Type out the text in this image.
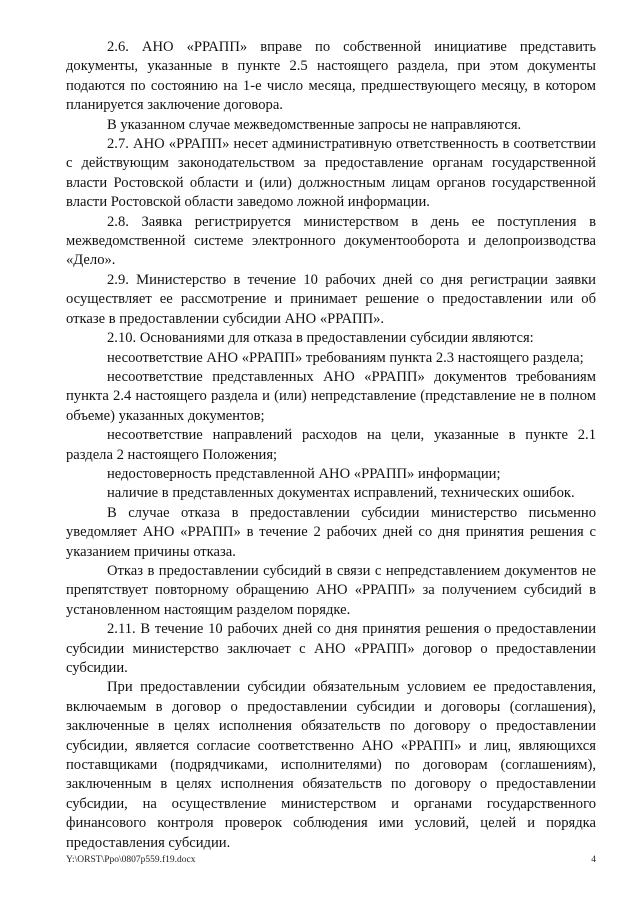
2.6. АНО «РРАПП» вправе по собственной инициативе представить документы, указанные в пункте 2.5 настоящего раздела, при этом документы подаются по состоянию на 1-е число месяца, предшествующего месяцу, в котором планируется заключение договора.

В указанном случае межведомственные запросы не направляются.

2.7. АНО «РРАПП» несет административную ответственность в соответствии с действующим законодательством за предоставление органам государственной власти Ростовской области и (или) должностным лицам органов государственной власти Ростовской области заведомо ложной информации.

2.8. Заявка регистрируется министерством в день ее поступления в межведомственной системе электронного документооборота и делопроизводства «Дело».

2.9. Министерство в течение 10 рабочих дней со дня регистрации заявки осуществляет ее рассмотрение и принимает решение о предоставлении или об отказе в предоставлении субсидии АНО «РРАПП».

2.10. Основаниями для отказа в предоставлении субсидии являются:

несоответствие АНО «РРАПП» требованиям пункта 2.3 настоящего раздела;

несоответствие представленных АНО «РРАПП» документов требованиям пункта 2.4 настоящего раздела и (или) непредставление (представление не в полном объеме) указанных документов;

несоответствие направлений расходов на цели, указанные в пункте 2.1 раздела 2 настоящего Положения;

недостоверность представленной АНО «РРАПП» информации;

наличие в представленных документах исправлений, технических ошибок.

В случае отказа в предоставлении субсидии министерство письменно уведомляет АНО «РРАПП» в течение 2 рабочих дней со дня принятия решения с указанием причины отказа.

Отказ в предоставлении субсидий в связи с непредставлением документов не препятствует повторному обращению АНО «РРАПП» за получением субсидий в установленном настоящим разделом порядке.

2.11. В течение 10 рабочих дней со дня принятия решения о предоставлении субсидии министерство заключает с АНО «РРАПП» договор о предоставлении субсидии.

При предоставлении субсидии обязательным условием ее предоставления, включаемым в договор о предоставлении субсидии и договоры (соглашения), заключенные в целях исполнения обязательств по договору о предоставлении субсидии, является согласие соответственно АНО «РРАПП» и лиц, являющихся поставщиками (подрядчиками, исполнителями) по договорам (соглашениям), заключенным в целях исполнения обязательств по договору о предоставлении субсидии, на осуществление министерством и органами государственного финансового контроля проверок соблюдения ими условий, целей и порядка предоставления субсидии.

Y:\ORST\Ppo\0807p559.f19.docx	4
